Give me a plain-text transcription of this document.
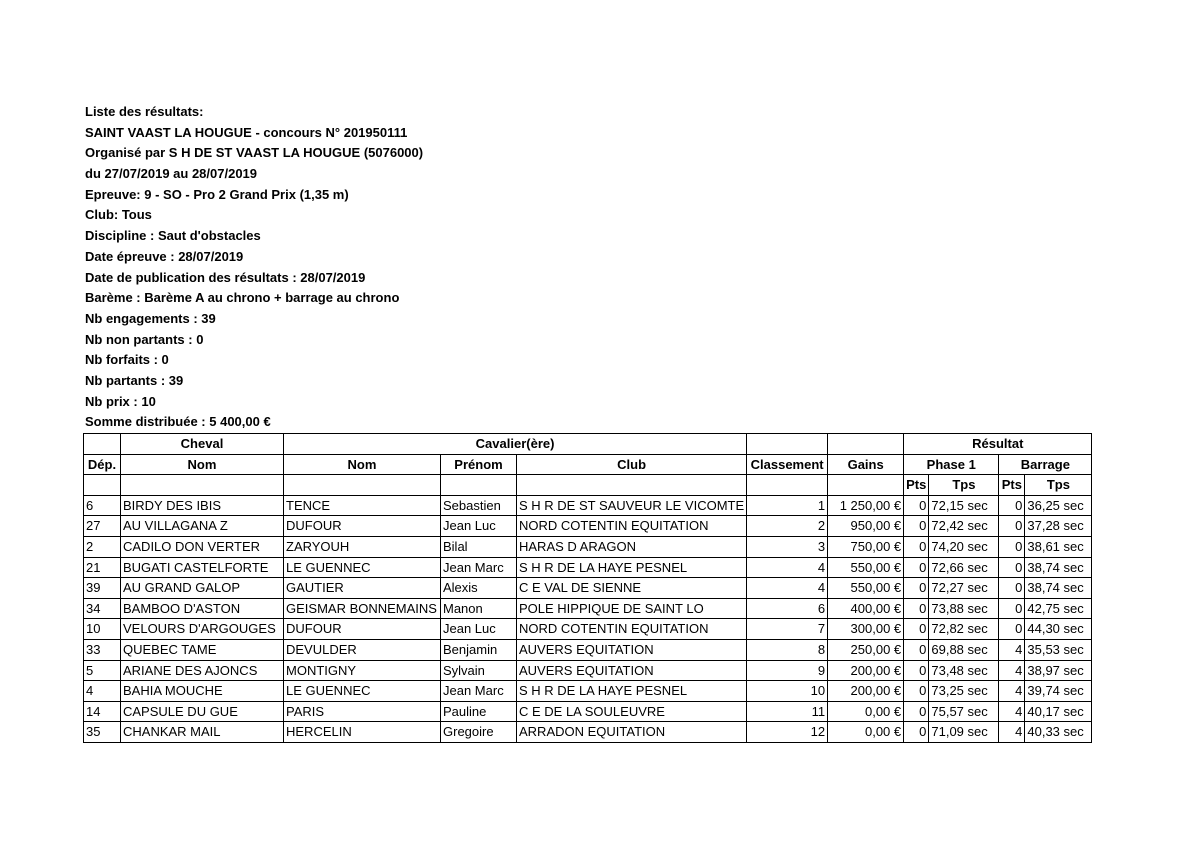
Liste des résultats:
SAINT VAAST LA HOUGUE - concours N° 201950111
Organisé par S H DE ST VAAST LA HOUGUE (5076000)
du 27/07/2019 au 28/07/2019
Epreuve: 9 - SO - Pro 2 Grand Prix (1,35 m)
Club: Tous
Discipline : Saut d'obstacles
Date épreuve : 28/07/2019
Date de publication des résultats : 28/07/2019
Barème : Barème A au chrono + barrage au chrono
Nb engagements : 39
Nb non partants : 0
Nb forfaits : 0
Nb partants : 39
Nb prix : 10
Somme distribuée : 5 400,00 €
	Cheval	Cavalier(ère)					Résultat			
Dép.	Nom	Nom	Prénom	Club	Classement	Gains	Phase 1		Barrage	
							Pts	Tps	Pts	Tps
6	BIRDY DES IBIS	TENCE	Sebastien	S H R DE ST SAUVEUR LE VICOMTE	1	1 250,00 €	0	72,15 sec	0	36,25 sec
27	AU VILLAGANA Z	DUFOUR	Jean Luc	NORD COTENTIN EQUITATION	2	950,00 €	0	72,42 sec	0	37,28 sec
2	CADILO DON VERTER	ZARYOUH	Bilal	HARAS D ARAGON	3	750,00 €	0	74,20 sec	0	38,61 sec
21	BUGATI CASTELFORTE	LE GUENNEC	Jean Marc	S H R DE LA HAYE PESNEL	4	550,00 €	0	72,66 sec	0	38,74 sec
39	AU GRAND GALOP	GAUTIER	Alexis	C E VAL DE SIENNE	4	550,00 €	0	72,27 sec	0	38,74 sec
34	BAMBOO D'ASTON	GEISMAR BONNEMAINS	Manon	POLE HIPPIQUE DE SAINT LO	6	400,00 €	0	73,88 sec	0	42,75 sec
10	VELOURS D'ARGOUGES	DUFOUR	Jean Luc	NORD COTENTIN EQUITATION	7	300,00 €	0	72,82 sec	0	44,30 sec
33	QUEBEC TAME	DEVULDER	Benjamin	AUVERS EQUITATION	8	250,00 €	0	69,88 sec	4	35,53 sec
5	ARIANE DES AJONCS	MONTIGNY	Sylvain	AUVERS EQUITATION	9	200,00 €	0	73,48 sec	4	38,97 sec
4	BAHIA MOUCHE	LE GUENNEC	Jean Marc	S H R DE LA HAYE PESNEL	10	200,00 €	0	73,25 sec	4	39,74 sec
14	CAPSULE DU GUE	PARIS	Pauline	C E DE LA SOULEUVRE	11	0,00 €	0	75,57 sec	4	40,17 sec
35	CHANKAR MAIL	HERCELIN	Gregoire	ARRADON EQUITATION	12	0,00 €	0	71,09 sec	4	40,33 sec
